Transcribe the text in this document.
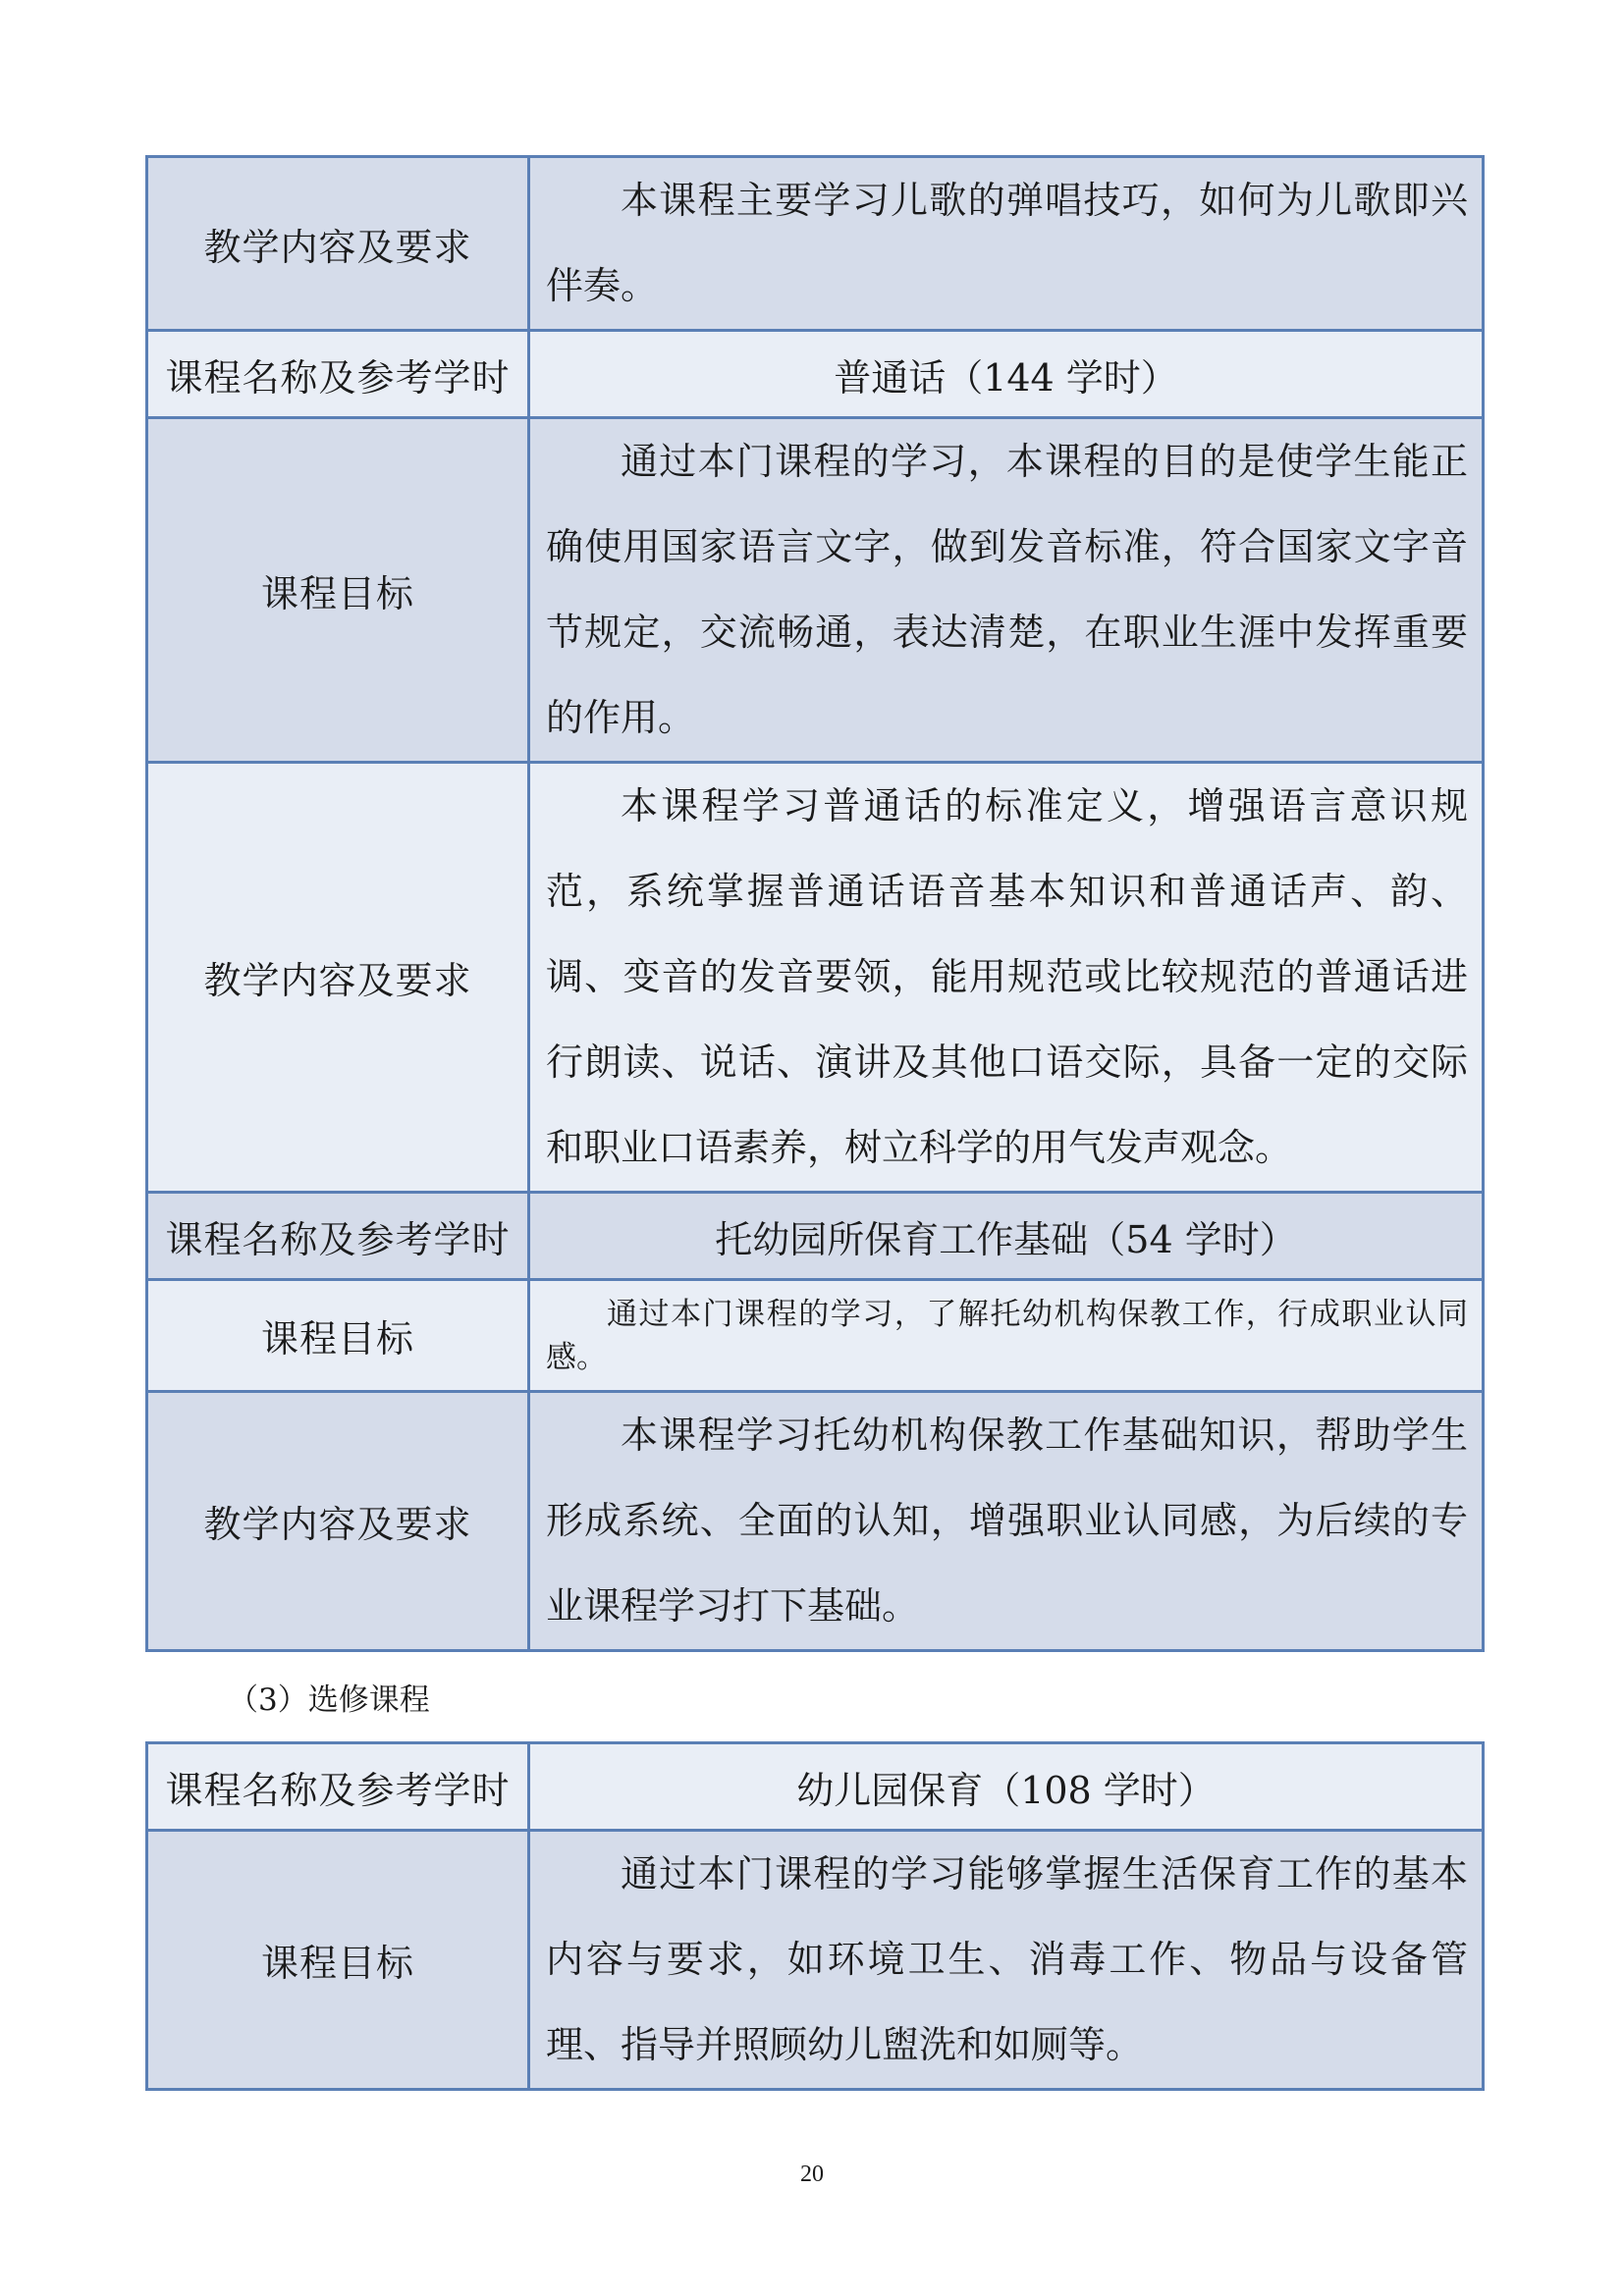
教学内容及要求	本课程主要学习儿歌的弹唱技巧，如何为儿歌即兴伴奏。

课程名称及参考学时	普通话（144 学时）
课程目标	通过本门课程的学习，本课程的目的是使学生能正确使用国家语言文字，做到发音标准，符合国家文字音节规定，交流畅通，表达清楚，在职业生涯中发挥重要的作用。

教学内容及要求	本课程学习普通话的标准定义，增强语言意识规范，系统掌握普通话语音基本知识和普通话声、韵、调、变音的发音要领，能用规范或比较规范的普通话进行朗读、说话、演讲及其他口语交际，具备一定的交际和职业口语素养，树立科学的用气发声观念。

课程名称及参考学时	托幼园所保育工作基础（54 学时）
课程目标	通过本门课程的学习，了解托幼机构保教工作，行成职业认同感。

教学内容及要求	本课程学习托幼机构保教工作基础知识，帮助学生形成系统、全面的认知，增强职业认同感，为后续的专业课程学习打下基础。
（3）选修课程
课程名称及参考学时	幼儿园保育（108 学时）
课程目标	通过本门课程的学习能够掌握生活保育工作的基本内容与要求，如环境卫生、消毒工作、物品与设备管理、指导并照顾幼儿盥洗和如厕等。
20
